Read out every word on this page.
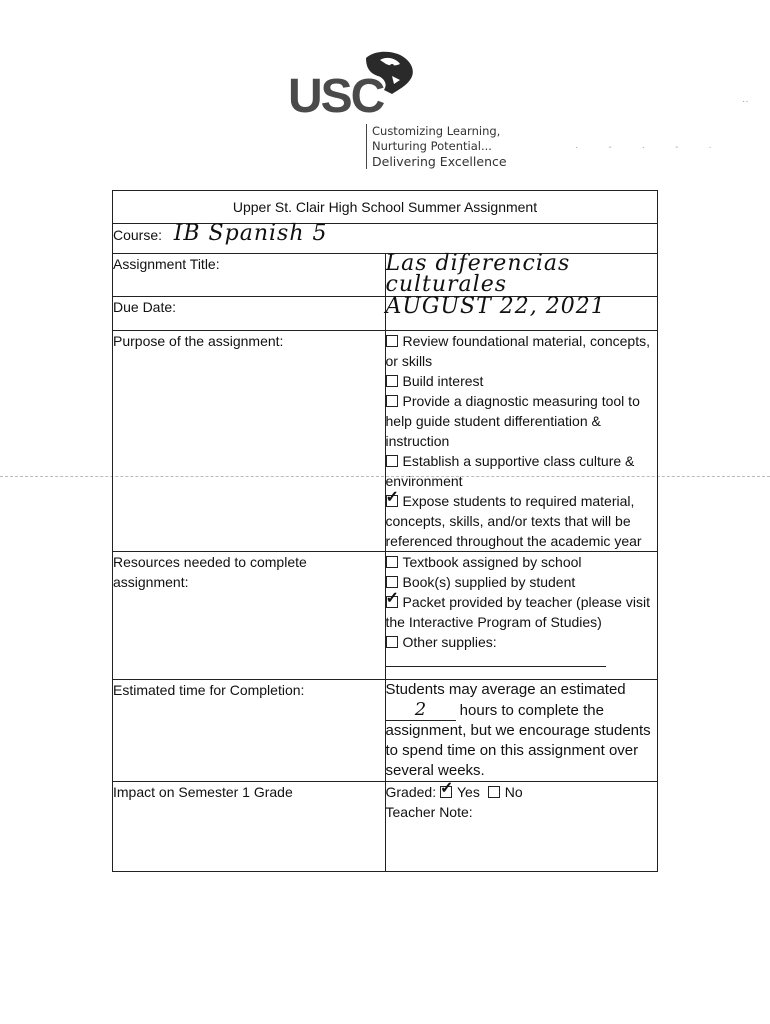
USC
Customizing Learning,
Nurturing Potential...
Delivering Excellence
··
·-·-·
Upper St. Clair High School Summer Assignment	
Course: IB Spanish 5	
Assignment Title:	Las diferencias culturales
Due Date:	AUGUST 22, 2021
Purpose of the assignment:	Review foundational material, concepts, or skills
Build interest
Provide a diagnostic measuring tool to help guide student differentiation & instruction
Establish a supportive class culture & environment
✓Expose students to required material, concepts, skills, and/or texts that will be referenced throughout the academic year

Resources needed to complete assignment:	Textbook assigned by school
Book(s) supplied by student
✓Packet provided by teacher (please visit the Interactive Program of Studies)
Other supplies:

Estimated time for Completion:	Students may average an estimated
2 hours to complete the assignment, but we encourage students to spend time on this assignment over several weeks.
Impact on Semester 1 Grade	Graded: ✓ Yes No
Teacher Note:
